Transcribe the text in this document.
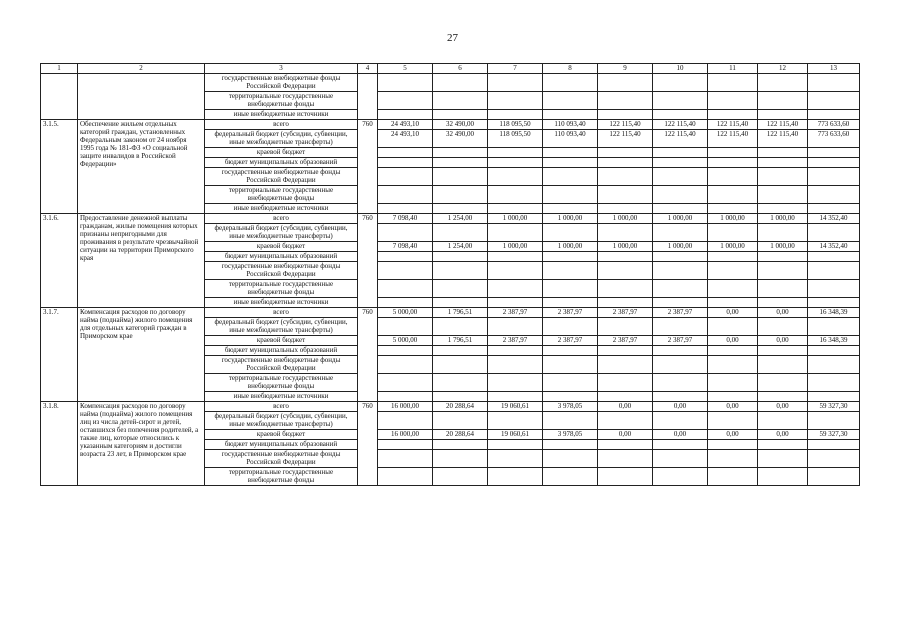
27
1	2	3	4	5	6	7	8	9	10	11	12	13
		государственные внебюджетные фонды Российской Федерации										
		территориальные государственные внебюджетные фонды										
		иные внебюджетные источники										
3.1.5.	Обеспечение жильем отдельных категорий граждан, установленных Федеральным законом от 24 ноября 1995 года № 181-ФЗ «О социальной защите инвалидов в Российской Федерации»	всего	760	24 493,10	32 490,00	118 095,50	110 093,40	122 115,40	122 115,40	122 115,40	122 115,40	773 633,60
		федеральный бюджет (субсидии, субвенции, иные межбюджетные трансферты)		24 493,10	32 490,00	118 095,50	110 093,40	122 115,40	122 115,40	122 115,40	122 115,40	773 633,60
		краевой бюджет										
		бюджет муниципальных образований										
		государственные внебюджетные фонды Российской Федерации										
		территориальные государственные внебюджетные фонды										
		иные внебюджетные источники										
3.1.6.	Предоставление денежной выплаты гражданам, жилые помещения которых признаны непригодными для проживания в результате чрезвычайной ситуации на территории Приморского края	всего	760	7 098,40	1 254,00	1 000,00	1 000,00	1 000,00	1 000,00	1 000,00	1 000,00	14 352,40
		федеральный бюджет (субсидии, субвенции, иные межбюджетные трансферты)										
		краевой бюджет		7 098,40	1 254,00	1 000,00	1 000,00	1 000,00	1 000,00	1 000,00	1 000,00	14 352,40
		бюджет муниципальных образований										
		государственные внебюджетные фонды Российской Федерации										
		территориальные государственные внебюджетные фонды										
		иные внебюджетные источники										
3.1.7.	Компенсация расходов по договору найма (поднайма) жилого помещения для отдельных категорий граждан в Приморском крае	всего	760	5 000,00	1 796,51	2 387,97	2 387,97	2 387,97	2 387,97	0,00	0,00	16 348,39
		федеральный бюджет (субсидии, субвенции, иные межбюджетные трансферты)										
		краевой бюджет		5 000,00	1 796,51	2 387,97	2 387,97	2 387,97	2 387,97	0,00	0,00	16 348,39
		бюджет муниципальных образований										
		государственные внебюджетные фонды Российской Федерации										
		территориальные государственные внебюджетные фонды										
		иные внебюджетные источники										
3.1.8.	Компенсация расходов по договору найма (поднайма) жилого помещения лиц из числа детей-сирот и детей, оставшихся без попечения родителей, а также лиц, которые относились к указанным категориям и достигли возраста 23 лет, в Приморском крае	всего	760	16 000,00	20 288,64	19 060,61	3 978,05	0,00	0,00	0,00	0,00	59 327,30
		федеральный бюджет (субсидии, субвенции, иные межбюджетные трансферты)										
		краевой бюджет		16 000,00	20 288,64	19 060,61	3 978,05	0,00	0,00	0,00	0,00	59 327,30
		бюджет муниципальных образований										
		государственные внебюджетные фонды Российской Федерации										
		территориальные государственные внебюджетные фонды										
